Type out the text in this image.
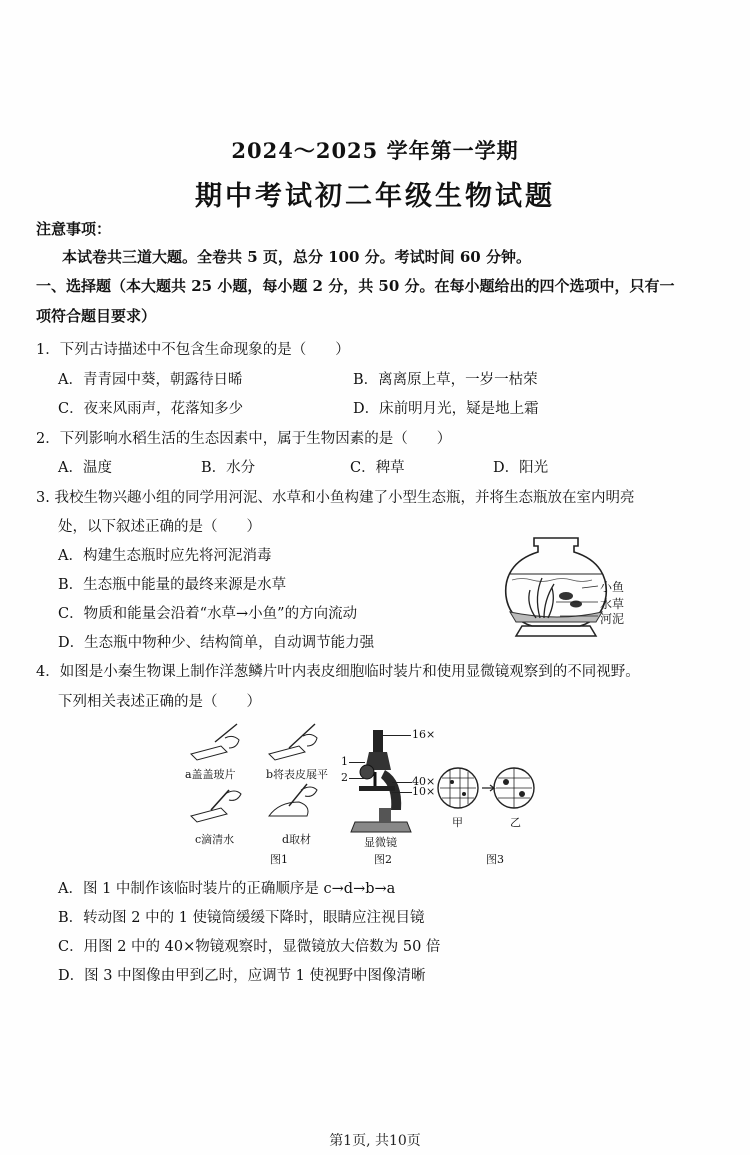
2024～2025 学年第一学期
期中考试初二年级生物试题
注意事项：
本试卷共三道大题。全卷共 5 页，总分 100 分。考试时间 60 分钟。
一、选择题（本大题共 25 小题，每小题 2 分，共 50 分。在每小题给出的四个选项中，只有一
项符合题目要求）
1．下列古诗描述中不包含生命现象的是（　　）
A．青青园中葵，朝露待日晞	B．离离原上草，一岁一枯荣
C．夜来风雨声，花落知多少	D．床前明月光，疑是地上霜
2．下列影响水稻生活的生态因素中，属于生物因素的是（　　）
A．温度	B．水分	C．稗草	D．阳光
3. 我校生物兴趣小组的同学用河泥、水草和小鱼构建了小型生态瓶，并将生态瓶放在室内明亮
处，以下叙述正确的是（　　）
A．构建生态瓶时应先将河泥消毒
B．生态瓶中能量的最终来源是水草
C．物质和能量会沿着“水草→小鱼”的方向流动
D．生态瓶中物种少、结构简单，自动调节能力强
小鱼
水草
河泥
4．如图是小秦生物课上制作洋葱鳞片叶内表皮细胞临时装片和使用显微镜观察到的不同视野。
下列相关表述正确的是（　　）
a盖盖玻片	b将表皮展平
c滴清水	d取材
16×
40×
10×
1
2
显微镜
甲	乙
图1	图2	图3
A．图 1 中制作该临时装片的正确顺序是 c→d→b→a
B．转动图 2 中的 1 使镜筒缓缓下降时，眼睛应注视目镜
C．用图 2 中的 40×物镜观察时，显微镜放大倍数为 50 倍
D．图 3 中图像由甲到乙时，应调节 1 使视野中图像清晰
第1页, 共10页
